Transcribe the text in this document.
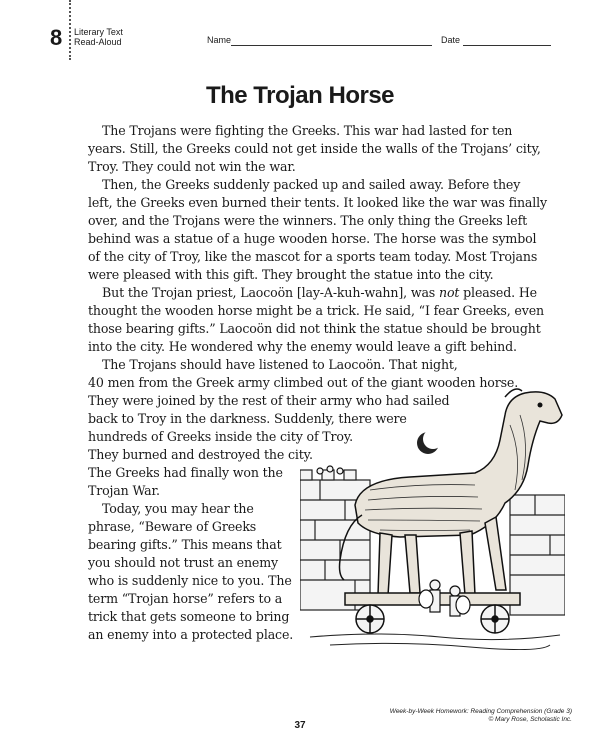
8 Literary Text
Read-Aloud	Name	Date
The Trojan Horse
The Trojans were fighting the Greeks. This war had lasted for ten
years. Still, the Greeks could not get inside the walls of the Trojans’ city,
Troy. They could not win the war.
Then, the Greeks suddenly packed up and sailed away. Before they
left, the Greeks even burned their tents. It looked like the war was finally
over, and the Trojans were the winners. The only thing the Greeks left
behind was a statue of a huge wooden horse. The horse was the symbol
of the city of Troy, like the mascot for a sports team today. Most Trojans
were pleased with this gift. They brought the statue into the city.
But the Trojan priest, Laocoön [lay-A-kuh-wahn], was not pleased. He
thought the wooden horse might be a trick. He said, “I fear Greeks, even
those bearing gifts.” Laocoön did not think the statue should be brought
into the city. He wondered why the enemy would leave a gift behind.
The Trojans should have listened to Laocoön. That night,
40 men from the Greek army climbed out of the giant wooden horse.
They were joined by the rest of their army who had sailed
back to Troy in the darkness. Suddenly, there were
hundreds of Greeks inside the city of Troy.
They burned and destroyed the city.
The Greeks had finally won the
Trojan War.
Today, you may hear the
phrase, “Beware of Greeks
bearing gifts.” This means that
you should not trust an enemy
who is suddenly nice to you. The
term “Trojan horse” refers to a
trick that gets someone to bring
an enemy into a protected place.
37
Week-by-Week Homework: Reading Comprehension (Grade 3)
© Mary Rose, Scholastic Inc.
